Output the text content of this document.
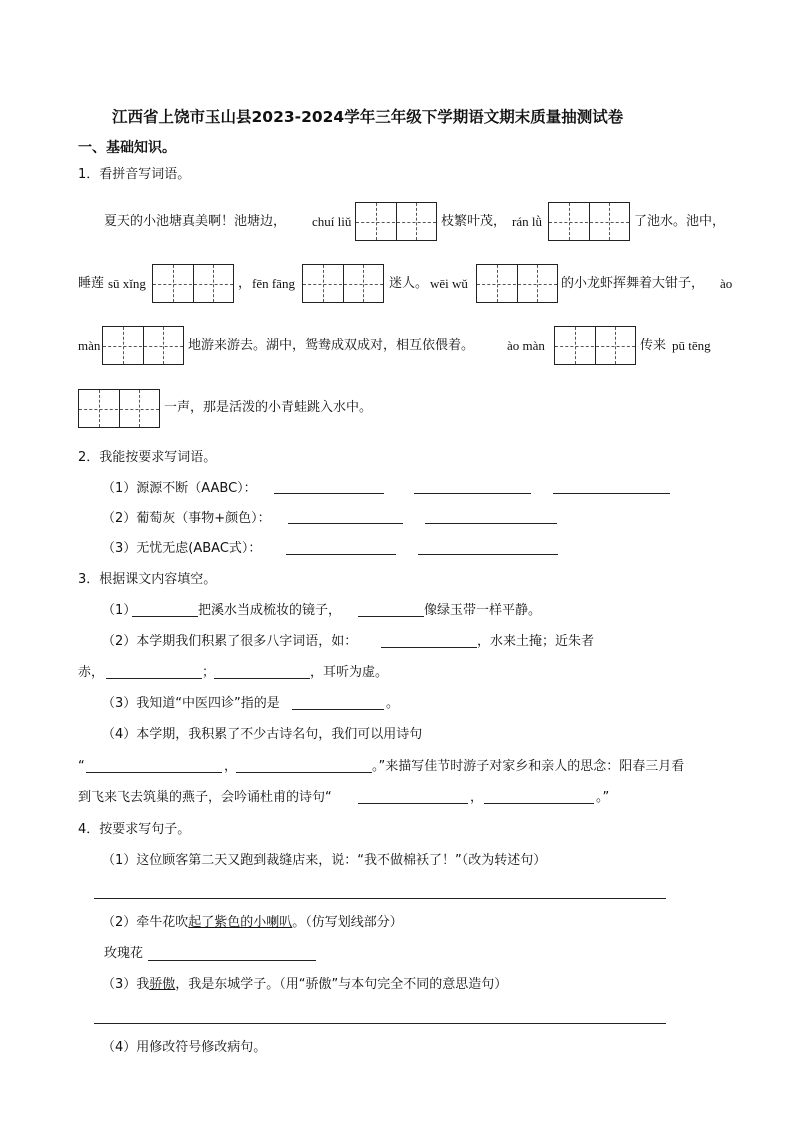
江西省上饶市玉山县2023-2024学年三年级下学期语文期末质量抽测试卷
一、基础知识。
1．看拼音写词语。
夏天的小池塘真美啊！池塘边， chuí liǔ	枝繁叶茂， rán lǜ	了池水。池中，
睡莲 sū xǐng	， fēn fāng	迷人。 wēi wǔ	的小龙虾挥舞着大钳子， ào
màn	地游来游去。湖中，鸳鸯成双成对，相互依偎着。	ào màn	传来 pū tēng
一声，那是活泼的小青蛙跳入水中。
2．我能按要求写词语。
（1）源源不断（AABC）：
（2）葡萄灰（事物+颜色）：
（3）无忧无虑(ABAC式）：
3．根据课文内容填空。
（1）	把溪水当成梳妆的镜子，	像绿玉带一样平静。
（2）本学期我们积累了很多八字词语，如：	，水来土掩；近朱者
赤，	；	，耳听为虚。
（3）我知道“中医四诊”指的是	。
（4）本学期，我积累了不少古诗名句，我们可以用诗句
“	，	。”来描写佳节时游子对家乡和亲人的思念：阳春三月看
到飞来飞去筑巢的燕子，会吟诵杜甫的诗句“	，	。”
4．按要求写句子。
（1）这位顾客第二天又跑到裁缝店来，说：“我不做棉袄了！”（改为转述句）
（2）牵牛花吹起了紫色的小喇叭。（仿写划线部分）
玫瑰花
（3）我骄傲，我是东城学子。（用“骄傲”与本句完全不同的意思造句）
（4）用修改符号修改病句。
